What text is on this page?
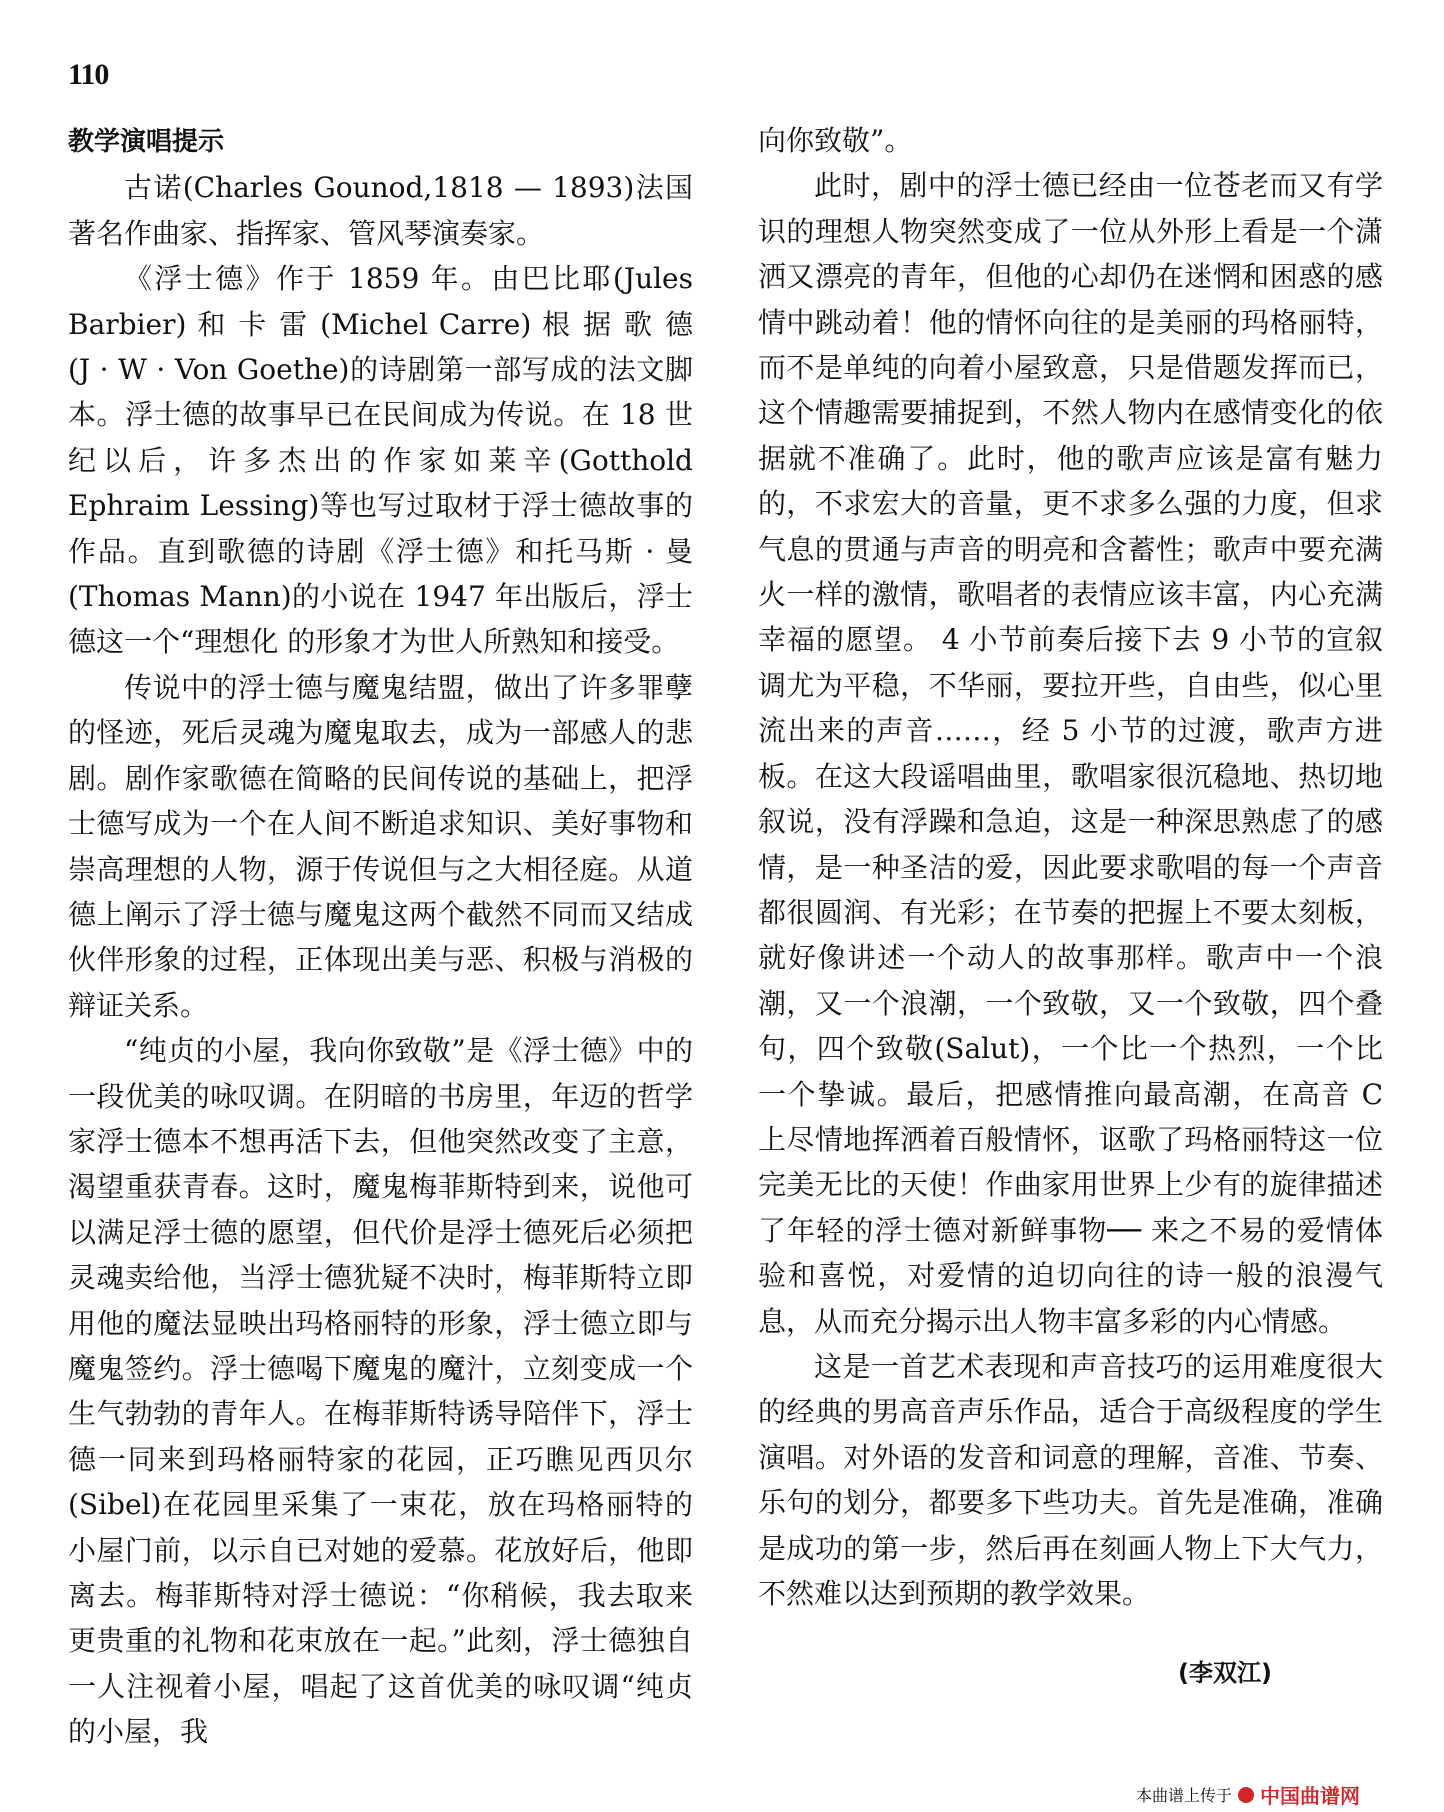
110
教学演唱提示

古诺(Charles Gounod,1818 — 1893)法国著名作曲家、指挥家、管风琴演奏家。

《浮士德》作于 1859 年。由巴比耶(Jules Barbier) 和 卡 雷 (Michel Carre) 根 据 歌 德 (J · W · Von Goethe)的诗剧第一部写成的法文脚本。浮士德的故事早已在民间成为传说。在 18 世纪以后，许多杰出的作家如莱辛(Gotthold Ephraim Lessing)等也写过取材于浮士德故事的作品。直到歌德的诗剧《浮士德》和托马斯 · 曼(Thomas Mann)的小说在 1947 年出版后，浮士德这一个“理想化 的形象才为世人所熟知和接受。

传说中的浮士德与魔鬼结盟，做出了许多罪孽的怪迹，死后灵魂为魔鬼取去，成为一部感人的悲剧。剧作家歌德在简略的民间传说的基础上，把浮士德写成为一个在人间不断追求知识、美好事物和崇高理想的人物，源于传说但与之大相径庭。从道德上阐示了浮士德与魔鬼这两个截然不同而又结成伙伴形象的过程，正体现出美与恶、积极与消极的辩证关系。

“纯贞的小屋，我向你致敬”是《浮士德》中的一段优美的咏叹调。在阴暗的书房里，年迈的哲学家浮士德本不想再活下去，但他突然改变了主意，渴望重获青春。这时，魔鬼梅菲斯特到来，说他可以满足浮士德的愿望，但代价是浮士德死后必须把灵魂卖给他，当浮士德犹疑不决时，梅菲斯特立即用他的魔法显映出玛格丽特的形象，浮士德立即与魔鬼签约。浮士德喝下魔鬼的魔汁，立刻变成一个生气勃勃的青年人。在梅菲斯特诱导陪伴下，浮士德一同来到玛格丽特家的花园，正巧瞧见西贝尔(Sibel)在花园里采集了一束花，放在玛格丽特的小屋门前，以示自已对她的爱慕。花放好后，他即离去。梅菲斯特对浮士德说：“你稍候，我去取来更贵重的礼物和花束放在一起。”此刻，浮士德独自一人注视着小屋，唱起了这首优美的咏叹调“纯贞的小屋，我

向你致敬”。

此时，剧中的浮士德已经由一位苍老而又有学识的理想人物突然变成了一位从外形上看是一个潇洒又漂亮的青年，但他的心却仍在迷惘和困惑的感情中跳动着！他的情怀向往的是美丽的玛格丽特，而不是单纯的向着小屋致意，只是借题发挥而已，这个情趣需要捕捉到，不然人物内在感情变化的依据就不准确了。此时，他的歌声应该是富有魅力的，不求宏大的音量，更不求多么强的力度，但求气息的贯通与声音的明亮和含蓄性；歌声中要充满火一样的激情，歌唱者的表情应该丰富，内心充满幸福的愿望。 4 小节前奏后接下去 9 小节的宣叙调尤为平稳，不华丽，要拉开些，自由些，似心里流出来的声音……，经 5 小节的过渡，歌声方进板。在这大段谣唱曲里，歌唱家很沉稳地、热切地叙说，没有浮躁和急迫，这是一种深思熟虑了的感情，是一种圣洁的爱，因此要求歌唱的每一个声音都很圆润、有光彩；在节奏的把握上不要太刻板，就好像讲述一个动人的故事那样。歌声中一个浪潮，又一个浪潮，一个致敬，又一个致敬，四个叠句，四个致敬(Salut)，一个比一个热烈，一个比一个挚诚。最后，把感情推向最高潮，在高音 C 上尽情地挥洒着百般情怀，讴歌了玛格丽特这一位完美无比的天使！作曲家用世界上少有的旋律描述了年轻的浮士德对新鲜事物── 来之不易的爱情体验和喜悦，对爱情的迫切向往的诗一般的浪漫气息，从而充分揭示出人物丰富多彩的内心情感。

这是一首艺术表现和声音技巧的运用难度很大的经典的男高音声乐作品，适合于高级程度的学生演唱。对外语的发音和词意的理解，音准、节奏、乐句的划分，都要多下些功夫。首先是准确，准确是成功的第一步，然后再在刻画人物上下大气力，不然难以达到预期的教学效果。

(李双江)
本曲谱上传于 中国曲谱网
